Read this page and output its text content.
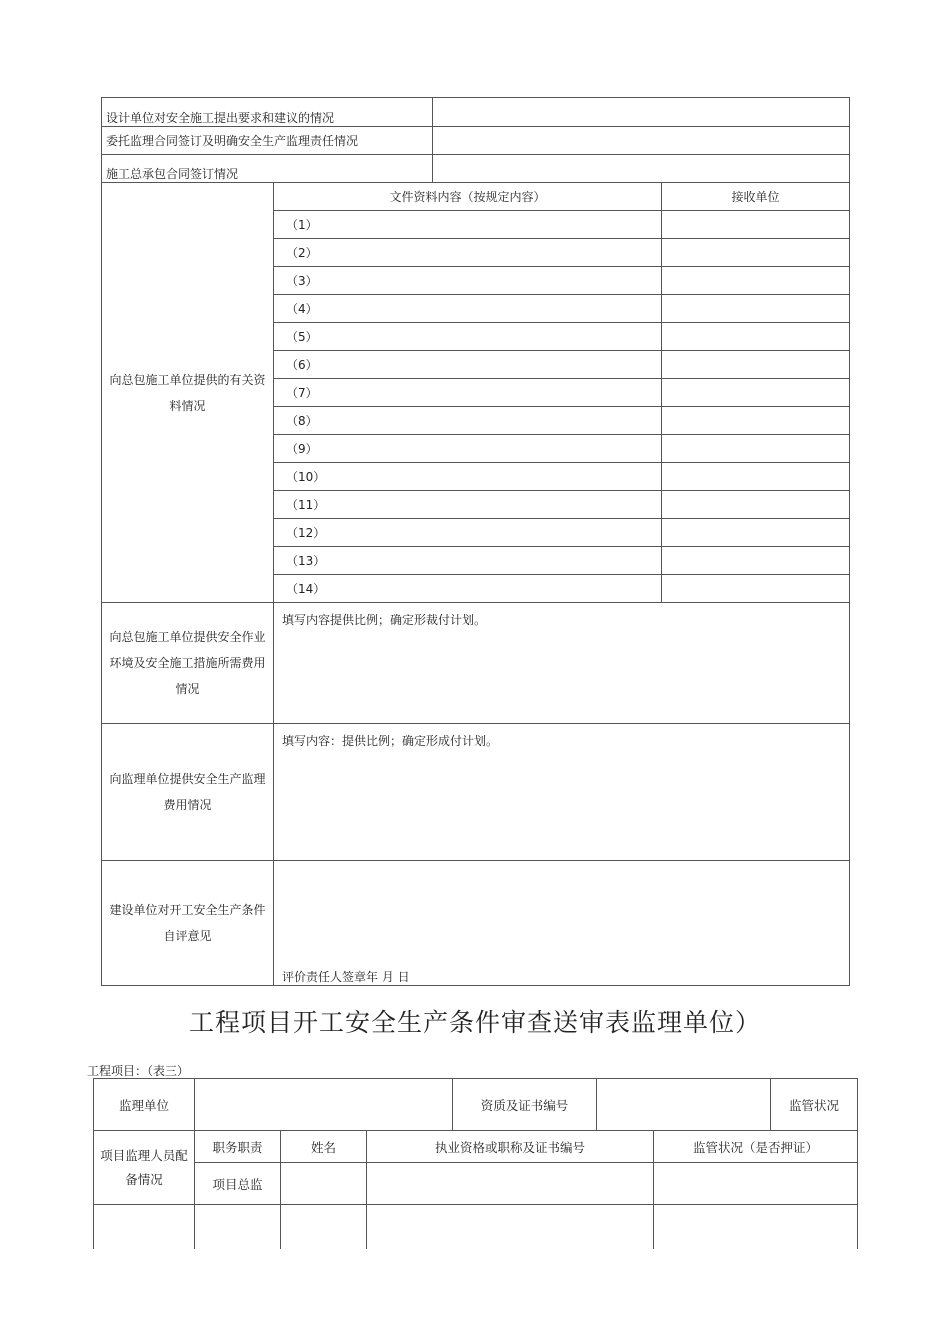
设计单位对安全施工提出要求和建议的情况			
委托监理合同签订及明确安全生产监理责任情况			
施工总承包合同签订情况			
向总包施工单位提供的有关资料情况	文件资料内容（按规定内容）		接收单位
	（1）		
	（2）		
	（3）		
	（4）		
	（5）		
	（6）		
	（7）		
	（8）		
	（9）		
	（10）		
	（11）		
	（12）		
	（13）		
	（14）		
向总包施工单位提供安全作业环境及安全施工措施所需费用情况	填写内容提供比例；确定形裁付计划。		
向监理单位提供安全生产监理费用情况	填写内容：提供比例；确定形成付计划。		
建设单位对开工安全生产条件自评意见	评价责任人签章年 月 日		
工程项目开工安全生产条件审查送审表监理单位）
工程项目：（表三）
监理单位				资质及证书编号			监管状况
项目监理人员配备情况	职务职责	姓名	执业资格或职称及证书编号			监管状况（是否押证）	
	项目总监						
